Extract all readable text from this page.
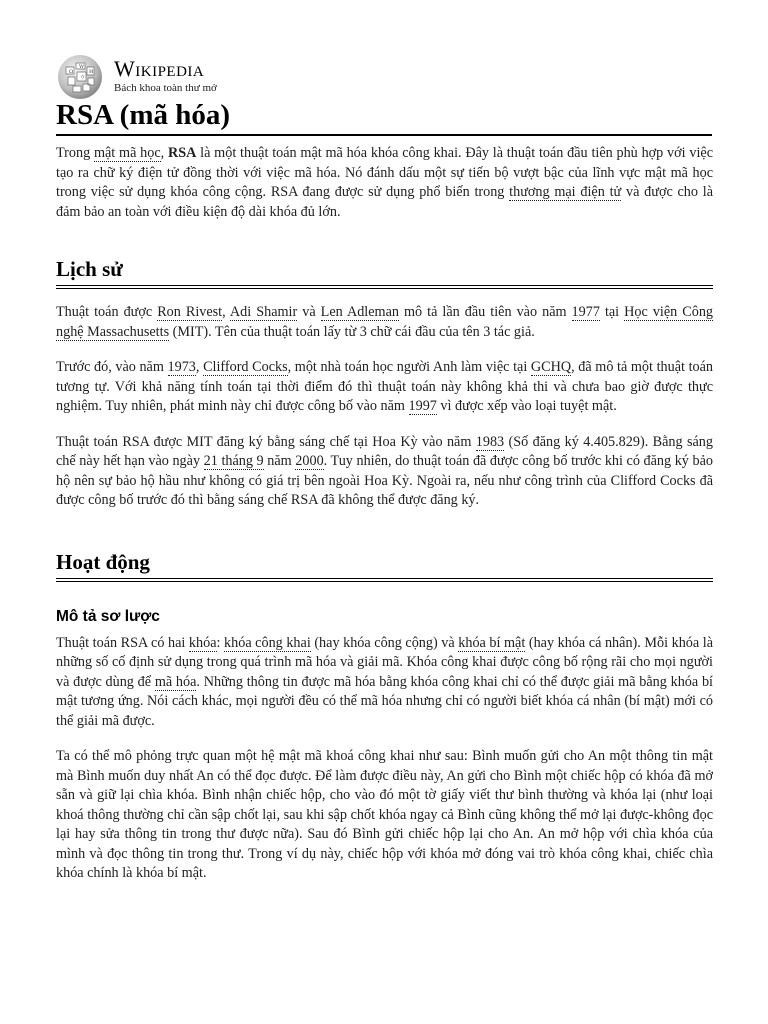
Ω
W
И
ウ Wikipedia
Bách khoa toàn thư mở
RSA (mã hóa)

Trong mật mã học, RSA là một thuật toán mật mã hóa khóa công khai. Đây là thuật toán đầu tiên phù hợp với việc tạo ra chữ ký điện tử đồng thời với việc mã hóa. Nó đánh dấu một sự tiến bộ vượt bậc của lĩnh vực mật mã học trong việc sử dụng khóa công cộng. RSA đang được sử dụng phổ biến trong thương mại điện tử và được cho là đảm bảo an toàn với điều kiện độ dài khóa đủ lớn.

Lịch sử

Thuật toán được Ron Rivest, Adi Shamir và Len Adleman mô tả lần đầu tiên vào năm 1977 tại Học viện Công nghệ Massachusetts (MIT). Tên của thuật toán lấy từ 3 chữ cái đầu của tên 3 tác giả.

Trước đó, vào năm 1973, Clifford Cocks, một nhà toán học người Anh làm việc tại GCHQ, đã mô tả một thuật toán tương tự. Với khả năng tính toán tại thời điểm đó thì thuật toán này không khả thi và chưa bao giờ được thực nghiệm. Tuy nhiên, phát minh này chỉ được công bố vào năm 1997 vì được xếp vào loại tuyệt mật.

Thuật toán RSA được MIT đăng ký bằng sáng chế tại Hoa Kỳ vào năm 1983 (Số đăng ký 4.405.829). Bằng sáng chế này hết hạn vào ngày 21 tháng 9 năm 2000. Tuy nhiên, do thuật toán đã được công bố trước khi có đăng ký bảo hộ nên sự bảo hộ hầu như không có giá trị bên ngoài Hoa Kỳ. Ngoài ra, nếu như công trình của Clifford Cocks đã được công bố trước đó thì bằng sáng chế RSA đã không thể được đăng ký.

Hoạt động
Mô tả sơ lược

Thuật toán RSA có hai khóa: khóa công khai (hay khóa công cộng) và khóa bí mật (hay khóa cá nhân). Mỗi khóa là những số cố định sử dụng trong quá trình mã hóa và giải mã. Khóa công khai được công bố rộng rãi cho mọi người và được dùng để mã hóa. Những thông tin được mã hóa bằng khóa công khai chỉ có thể được giải mã bằng khóa bí mật tương ứng. Nói cách khác, mọi người đều có thể mã hóa nhưng chỉ có người biết khóa cá nhân (bí mật) mới có thể giải mã được.

Ta có thể mô phỏng trực quan một hệ mật mã khoá công khai như sau: Bình muốn gửi cho An một thông tin mật mà Bình muốn duy nhất An có thể đọc được. Để làm được điều này, An gửi cho Bình một chiếc hộp có khóa đã mở sẵn và giữ lại chìa khóa. Bình nhận chiếc hộp, cho vào đó một tờ giấy viết thư bình thường và khóa lại (như loại khoá thông thường chỉ cần sập chốt lại, sau khi sập chốt khóa ngay cả Bình cũng không thể mở lại được-không đọc lại hay sửa thông tin trong thư được nữa). Sau đó Bình gửi chiếc hộp lại cho An. An mở hộp với chìa khóa của mình và đọc thông tin trong thư. Trong ví dụ này, chiếc hộp với khóa mở đóng vai trò khóa công khai, chiếc chìa khóa chính là khóa bí mật.
